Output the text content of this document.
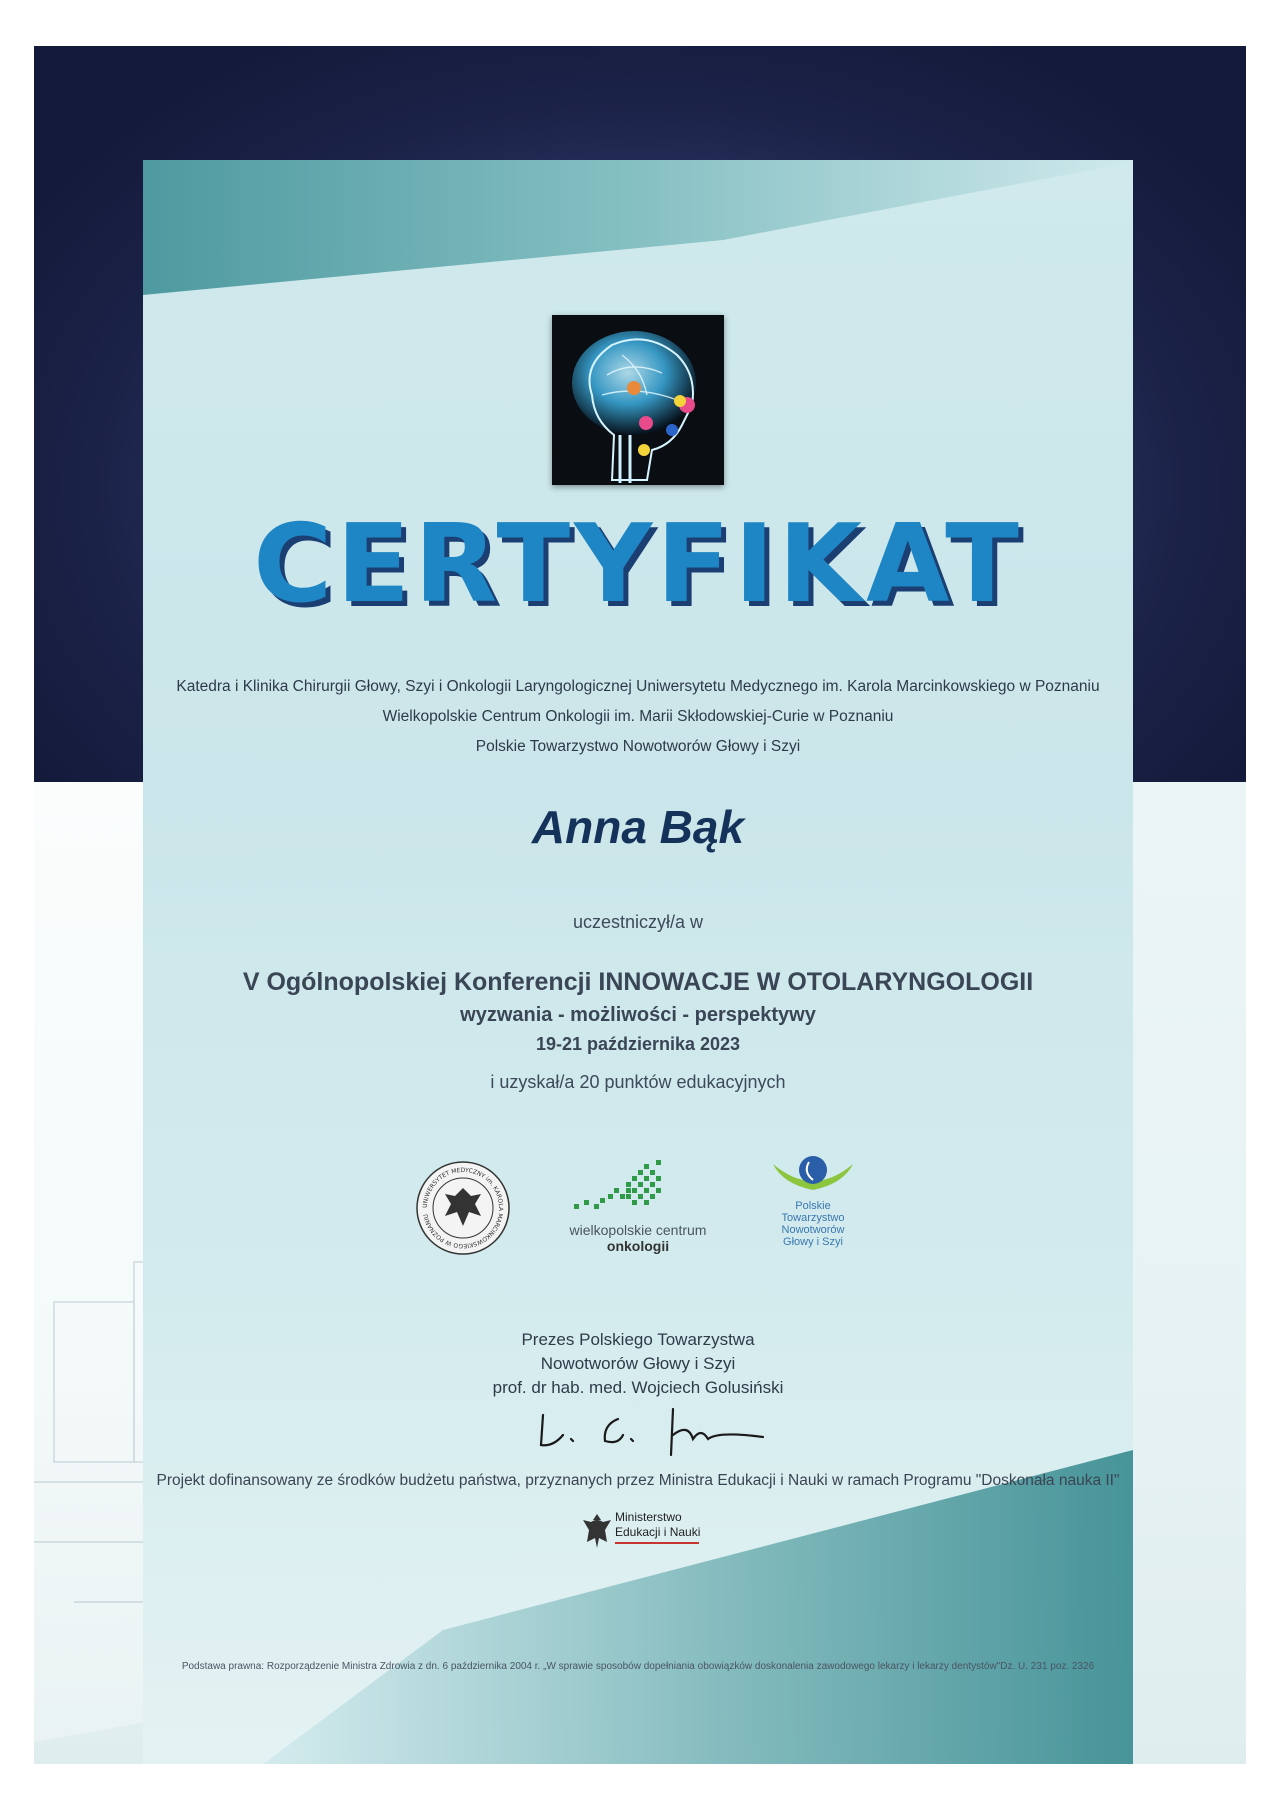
CERTYFIKAT
Katedra i Klinika Chirurgii Głowy, Szyi i Onkologii Laryngologicznej Uniwersytetu Medycznego im. Karola Marcinkowskiego w Poznaniu
Wielkopolskie Centrum Onkologii im. Marii Skłodowskiej-Curie w Poznaniu
Polskie Towarzystwo Nowotworów Głowy i Szyi
Anna Bąk
uczestniczył/a w
V Ogólnopolskiej Konferencji INNOWACJE W OTOLARYNGOLOGII
wyzwania - możliwości - perspektywy
19-21 października 2023
i uzyskał/a 20 punktów edukacyjnych
UNIWERSYTET MEDYCZNY im. KAROLA MARCINKOWSKIEGO W POZNANIU
wielkopolskie centrum onkologii
Polskie
Towarzystwo
Nowotworów
Głowy i Szyi
Prezes Polskiego Towarzystwa
Nowotworów Głowy i Szyi
prof. dr hab. med. Wojciech Golusiński
Projekt dofinansowany ze środków budżetu państwa, przyznanych przez Ministra Edukacji i Nauki w ramach Programu "Doskonała nauka II"
Ministerstwo
Edukacji i Nauki
Podstawa prawna: Rozporządzenie Ministra Zdrowia z dn. 6 października 2004 r. „W sprawie sposobów dopełniania obowiązków doskonalenia zawodowego lekarzy i lekarzy dentystów"Dz. U. 231 poz. 2326
